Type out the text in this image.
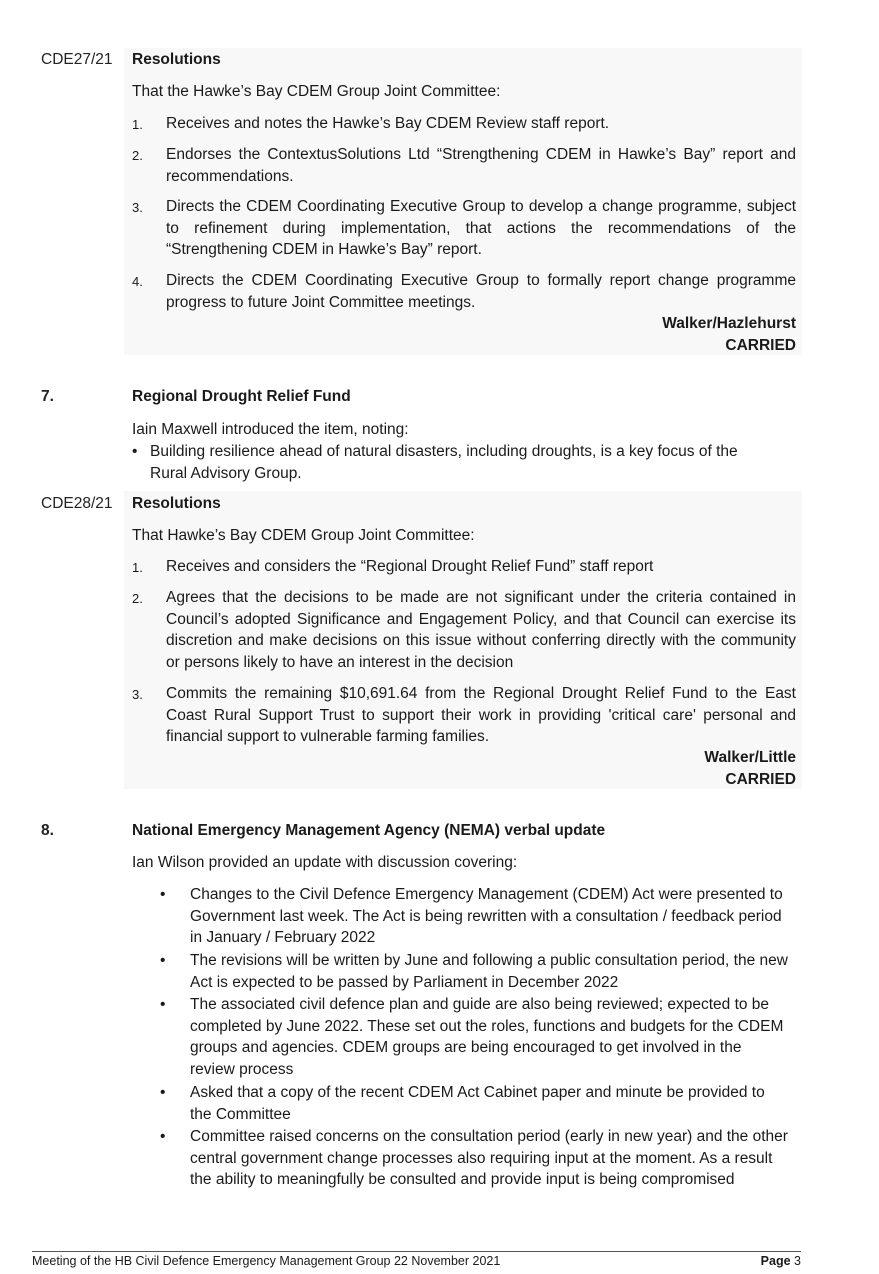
CDE27/21 Resolutions
That the Hawke’s Bay CDEM Group Joint Committee:
1. Receives and notes the Hawke’s Bay CDEM Review staff report.
2. Endorses the ContextusSolutions Ltd “Strengthening CDEM in Hawke’s Bay” report and recommendations.
3. Directs the CDEM Coordinating Executive Group to develop a change programme, subject to refinement during implementation, that actions the recommendations of the “Strengthening CDEM in Hawke’s Bay” report.
4. Directs the CDEM Coordinating Executive Group to formally report change programme progress to future Joint Committee meetings.
Walker/Hazlehurst
CARRIED
7.	Regional Drought Relief Fund
Iain Maxwell introduced the item, noting:
• Building resilience ahead of natural disasters, including droughts, is a key focus of the Rural Advisory Group.
CDE28/21 Resolutions
That Hawke’s Bay CDEM Group Joint Committee:
1. Receives and considers the “Regional Drought Relief Fund” staff report
2. Agrees that the decisions to be made are not significant under the criteria contained in Council’s adopted Significance and Engagement Policy, and that Council can exercise its discretion and make decisions on this issue without conferring directly with the community or persons likely to have an interest in the decision
3. Commits the remaining $10,691.64 from the Regional Drought Relief Fund to the East Coast Rural Support Trust to support their work in providing 'critical care' personal and financial support to vulnerable farming families.
Walker/Little
CARRIED
8.	National Emergency Management Agency (NEMA) verbal update
Ian Wilson provided an update with discussion covering:
• Changes to the Civil Defence Emergency Management (CDEM) Act were presented to Government last week. The Act is being rewritten with a consultation / feedback period in January / February 2022
• The revisions will be written by June and following a public consultation period, the new Act is expected to be passed by Parliament in December 2022
• The associated civil defence plan and guide are also being reviewed; expected to be completed by June 2022. These set out the roles, functions and budgets for the CDEM groups and agencies. CDEM groups are being encouraged to get involved in the review process
• Asked that a copy of the recent CDEM Act Cabinet paper and minute be provided to the Committee
• Committee raised concerns on the consultation period (early in new year) and the other central government change processes also requiring input at the moment. As a result the ability to meaningfully be consulted and provide input is being compromised
Meeting of the HB Civil Defence Emergency Management Group 22 November 2021	Page 3
